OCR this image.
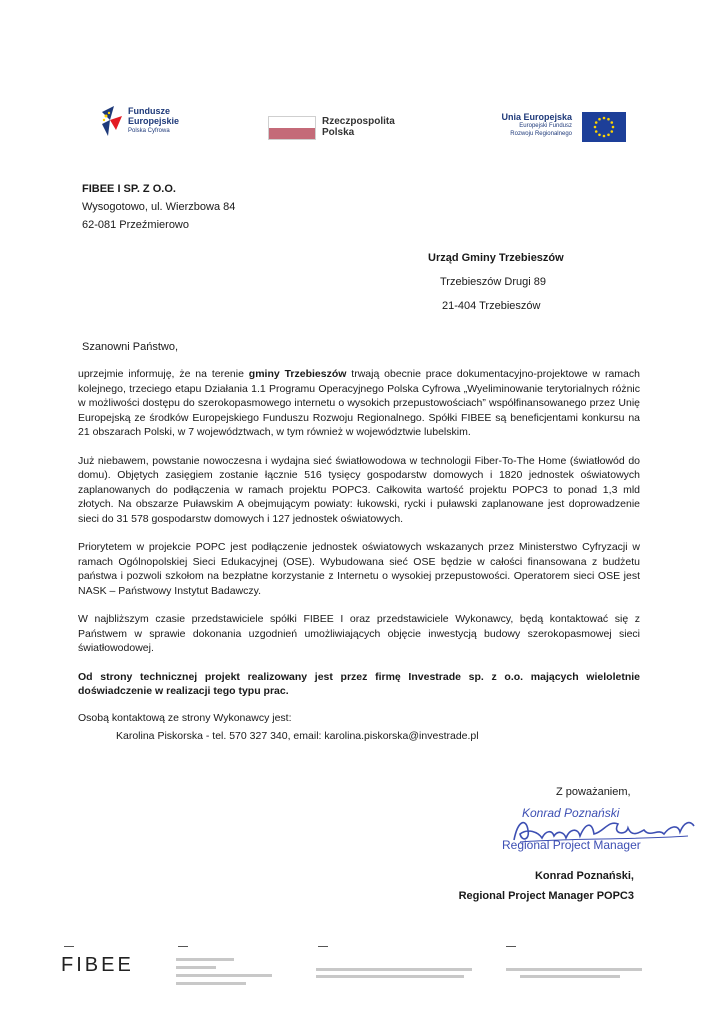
Fundusze
Europejskie
Polska Cyfrowa
Rzeczpospolita
Polska
Unia Europejska
Europejski Fundusz
Rozwoju Regionalnego
FIBEE I SP. Z O.O.
Wysogotowo, ul. Wierzbowa 84
62-081 Przeźmierowo
Urząd Gminy Trzebieszów
Trzebieszów Drugi 89
21-404 Trzebieszów
Szanowni Państwo,

uprzejmie informuję, że na terenie gminy Trzebieszów trwają obecnie prace dokumentacyjno-projektowe w ramach kolejnego, trzeciego etapu Działania 1.1 Programu Operacyjnego Polska Cyfrowa „Wyeliminowanie terytorialnych różnic w możliwości dostępu do szerokopasmowego internetu o wysokich przepustowościach” współfinansowanego przez Unię Europejską ze środków Europejskiego Funduszu Rozwoju Regionalnego. Spółki FIBEE są beneficjentami konkursu na 21 obszarach Polski, w 7 województwach, w tym również w województwie lubelskim.

Już niebawem, powstanie nowoczesna i wydajna sieć światłowodowa w technologii Fiber-To-The Home (światłowód do domu). Objętych zasięgiem zostanie łącznie 516 tysięcy gospodarstw domowych i 1820 jednostek oświatowych zaplanowanych do podłączenia w ramach projektu POPC3. Całkowita wartość projektu POPC3 to ponad 1,3 mld złotych. Na obszarze Puławskim A obejmującym powiaty: łukowski, rycki i puławski zaplanowane jest doprowadzenie sieci do 31 578 gospodarstw domowych i 127 jednostek oświatowych.

Priorytetem w projekcie POPC jest podłączenie jednostek oświatowych wskazanych przez Ministerstwo Cyfryzacji w ramach Ogólnopolskiej Sieci Edukacyjnej (OSE). Wybudowana sieć OSE będzie w całości finansowana z budżetu państwa i pozwoli szkołom na bezpłatne korzystanie z Internetu o wysokiej przepustowości. Operatorem sieci OSE jest NASK – Państwowy Instytut Badawczy.

W najbliższym czasie przedstawiciele spółki FIBEE I oraz przedstawiciele Wykonawcy, będą kontaktować się z Państwem w sprawie dokonania uzgodnień umożliwiających objęcie inwestycją budowy szerokopasmowej sieci światłowodowej.

Od strony technicznej projekt realizowany jest przez firmę Investrade sp. z o.o. mających wieloletnie doświadczenie w realizacji tego typu prac.

Osobą kontaktową ze strony Wykonawcy jest:
Karolina Piskorska - tel. 570 327 340, email: karolina.piskorska@investrade.pl
Z poważaniem,
Konrad Poznański
Regional Project Manager
Konrad Poznański,
Regional Project Manager POPC3
FIBEE
